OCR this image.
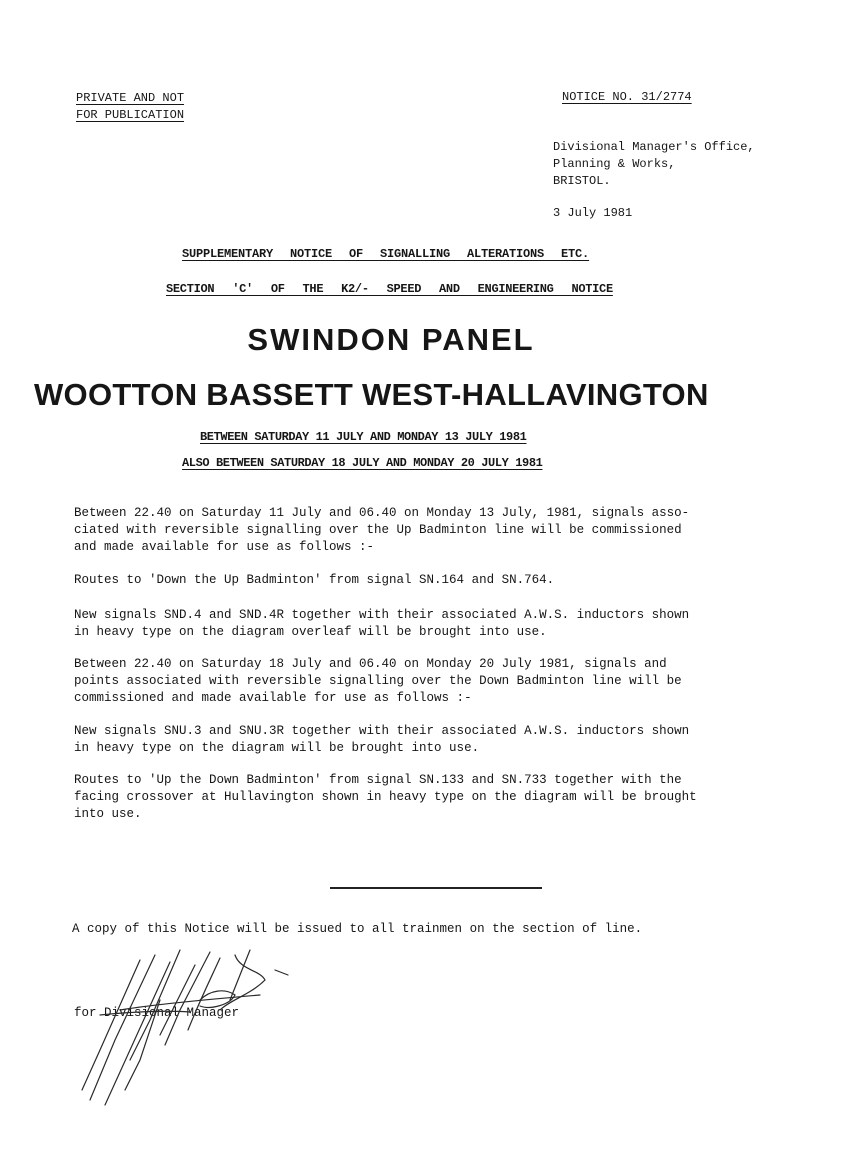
PRIVATE AND NOT
FOR PUBLICATION
NOTICE NO. 31/2774
Divisional Manager's Office,
Planning & Works,
BRISTOL.
3 July 1981
SUPPLEMENTARY NOTICE OF SIGNALLING ALTERATIONS ETC.
SECTION 'C' OF THE K2/- SPEED AND ENGINEERING NOTICE
SWINDON PANEL
WOOTTON BASSETT WEST-HALLAVINGTON
BETWEEN SATURDAY 11 JULY AND MONDAY 13 JULY 1981
ALSO BETWEEN SATURDAY 18 JULY AND MONDAY 20 JULY 1981
Between 22.40 on Saturday 11 July and 06.40 on Monday 13 July, 1981, signals asso-
ciated with reversible signalling over the Up Badminton line will be commissioned
and made available for use as follows :-
Routes to 'Down the Up Badminton' from signal SN.164 and SN.764.
New signals SND.4 and SND.4R together with their associated A.W.S. inductors shown
in heavy type on the diagram overleaf will be brought into use.
Between 22.40 on Saturday 18 July and 06.40 on Monday 20 July 1981, signals and
points associated with reversible signalling over the Down Badminton line will be
commissioned and made available for use as follows :-
New signals SNU.3 and SNU.3R together with their associated A.W.S. inductors shown
in heavy type on the diagram will be brought into use.
Routes to 'Up the Down Badminton' from signal SN.133 and SN.733 together with the
facing crossover at Hullavington shown in heavy type on the diagram will be brought
into use.
A copy of this Notice will be issued to all trainmen on the section of line.
for Divisional Manager
